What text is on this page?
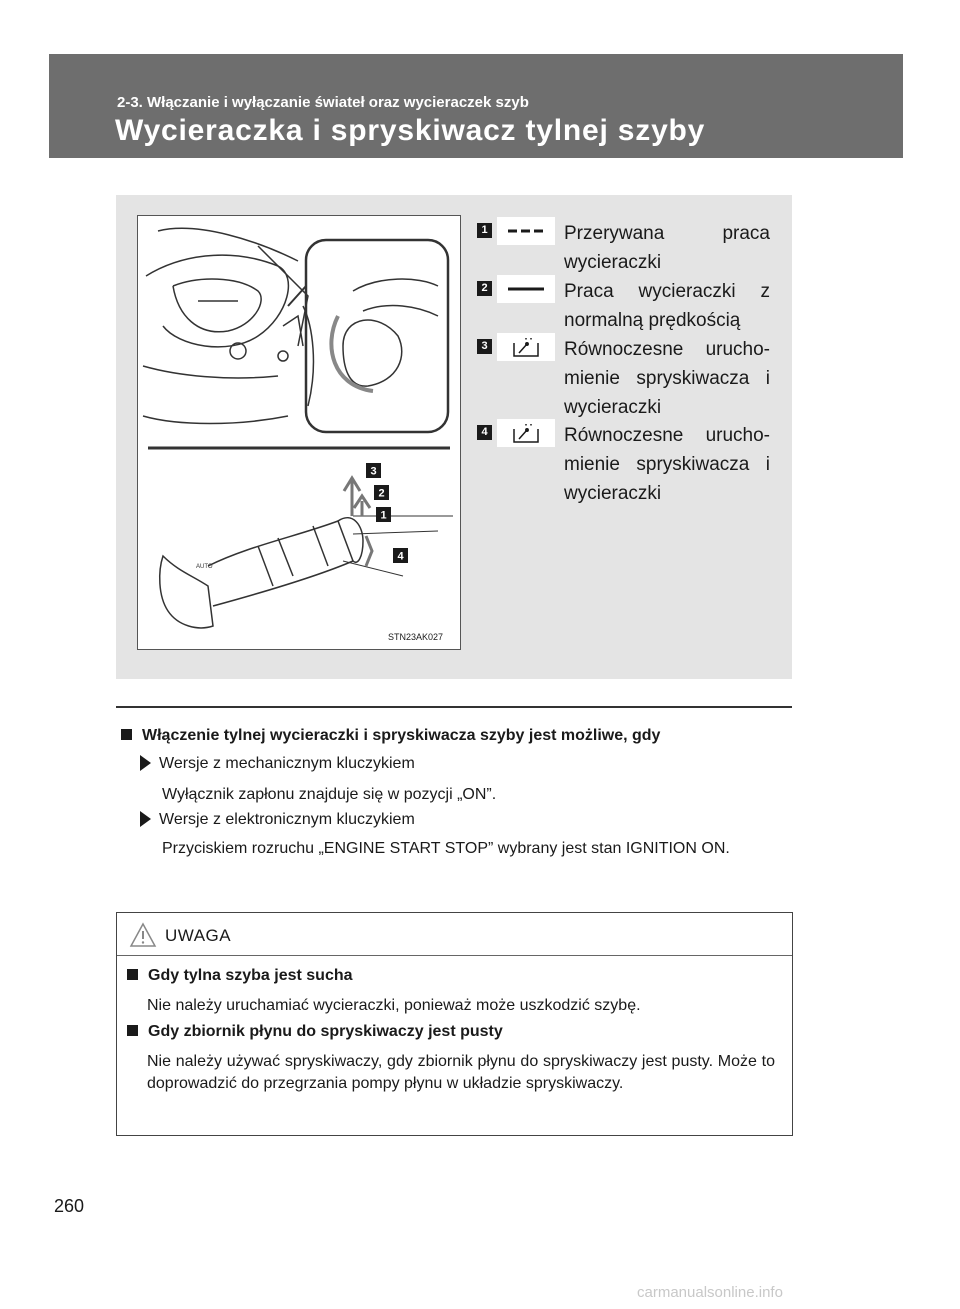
2-3. Włączanie i wyłączanie świateł oraz wycieraczek szyb
Wycieraczka i spryskiwacz tylnej szyby
AUTO
3
2
1
4
STN23AK027
1	Przerywana praca wycieraczki
2	Praca wycieraczki z normalną prędkością
3	Równoczesne urucho-mienie spryskiwacza i wycieraczki
4	Równoczesne urucho-mienie spryskiwacza i wycieraczki
Włączenie tylnej wycieraczki i spryskiwacza szyby jest możliwe, gdy
Wersje z mechanicznym kluczykiem
Wyłącznik zapłonu znajduje się w pozycji „ON”.
Wersje z elektronicznym kluczykiem
Przyciskiem rozruchu „ENGINE START STOP” wybrany jest stan IGNITION ON.
UWAGA
Gdy tylna szyba jest sucha
Nie należy uruchamiać wycieraczki, ponieważ może uszkodzić szybę.
Gdy zbiornik płynu do spryskiwaczy jest pusty
Nie należy używać spryskiwaczy, gdy zbiornik płynu do spryskiwaczy jest pusty. Może to doprowadzić do przegrzania pompy płynu w układzie spryskiwaczy.
260
carmanualsonline.info
